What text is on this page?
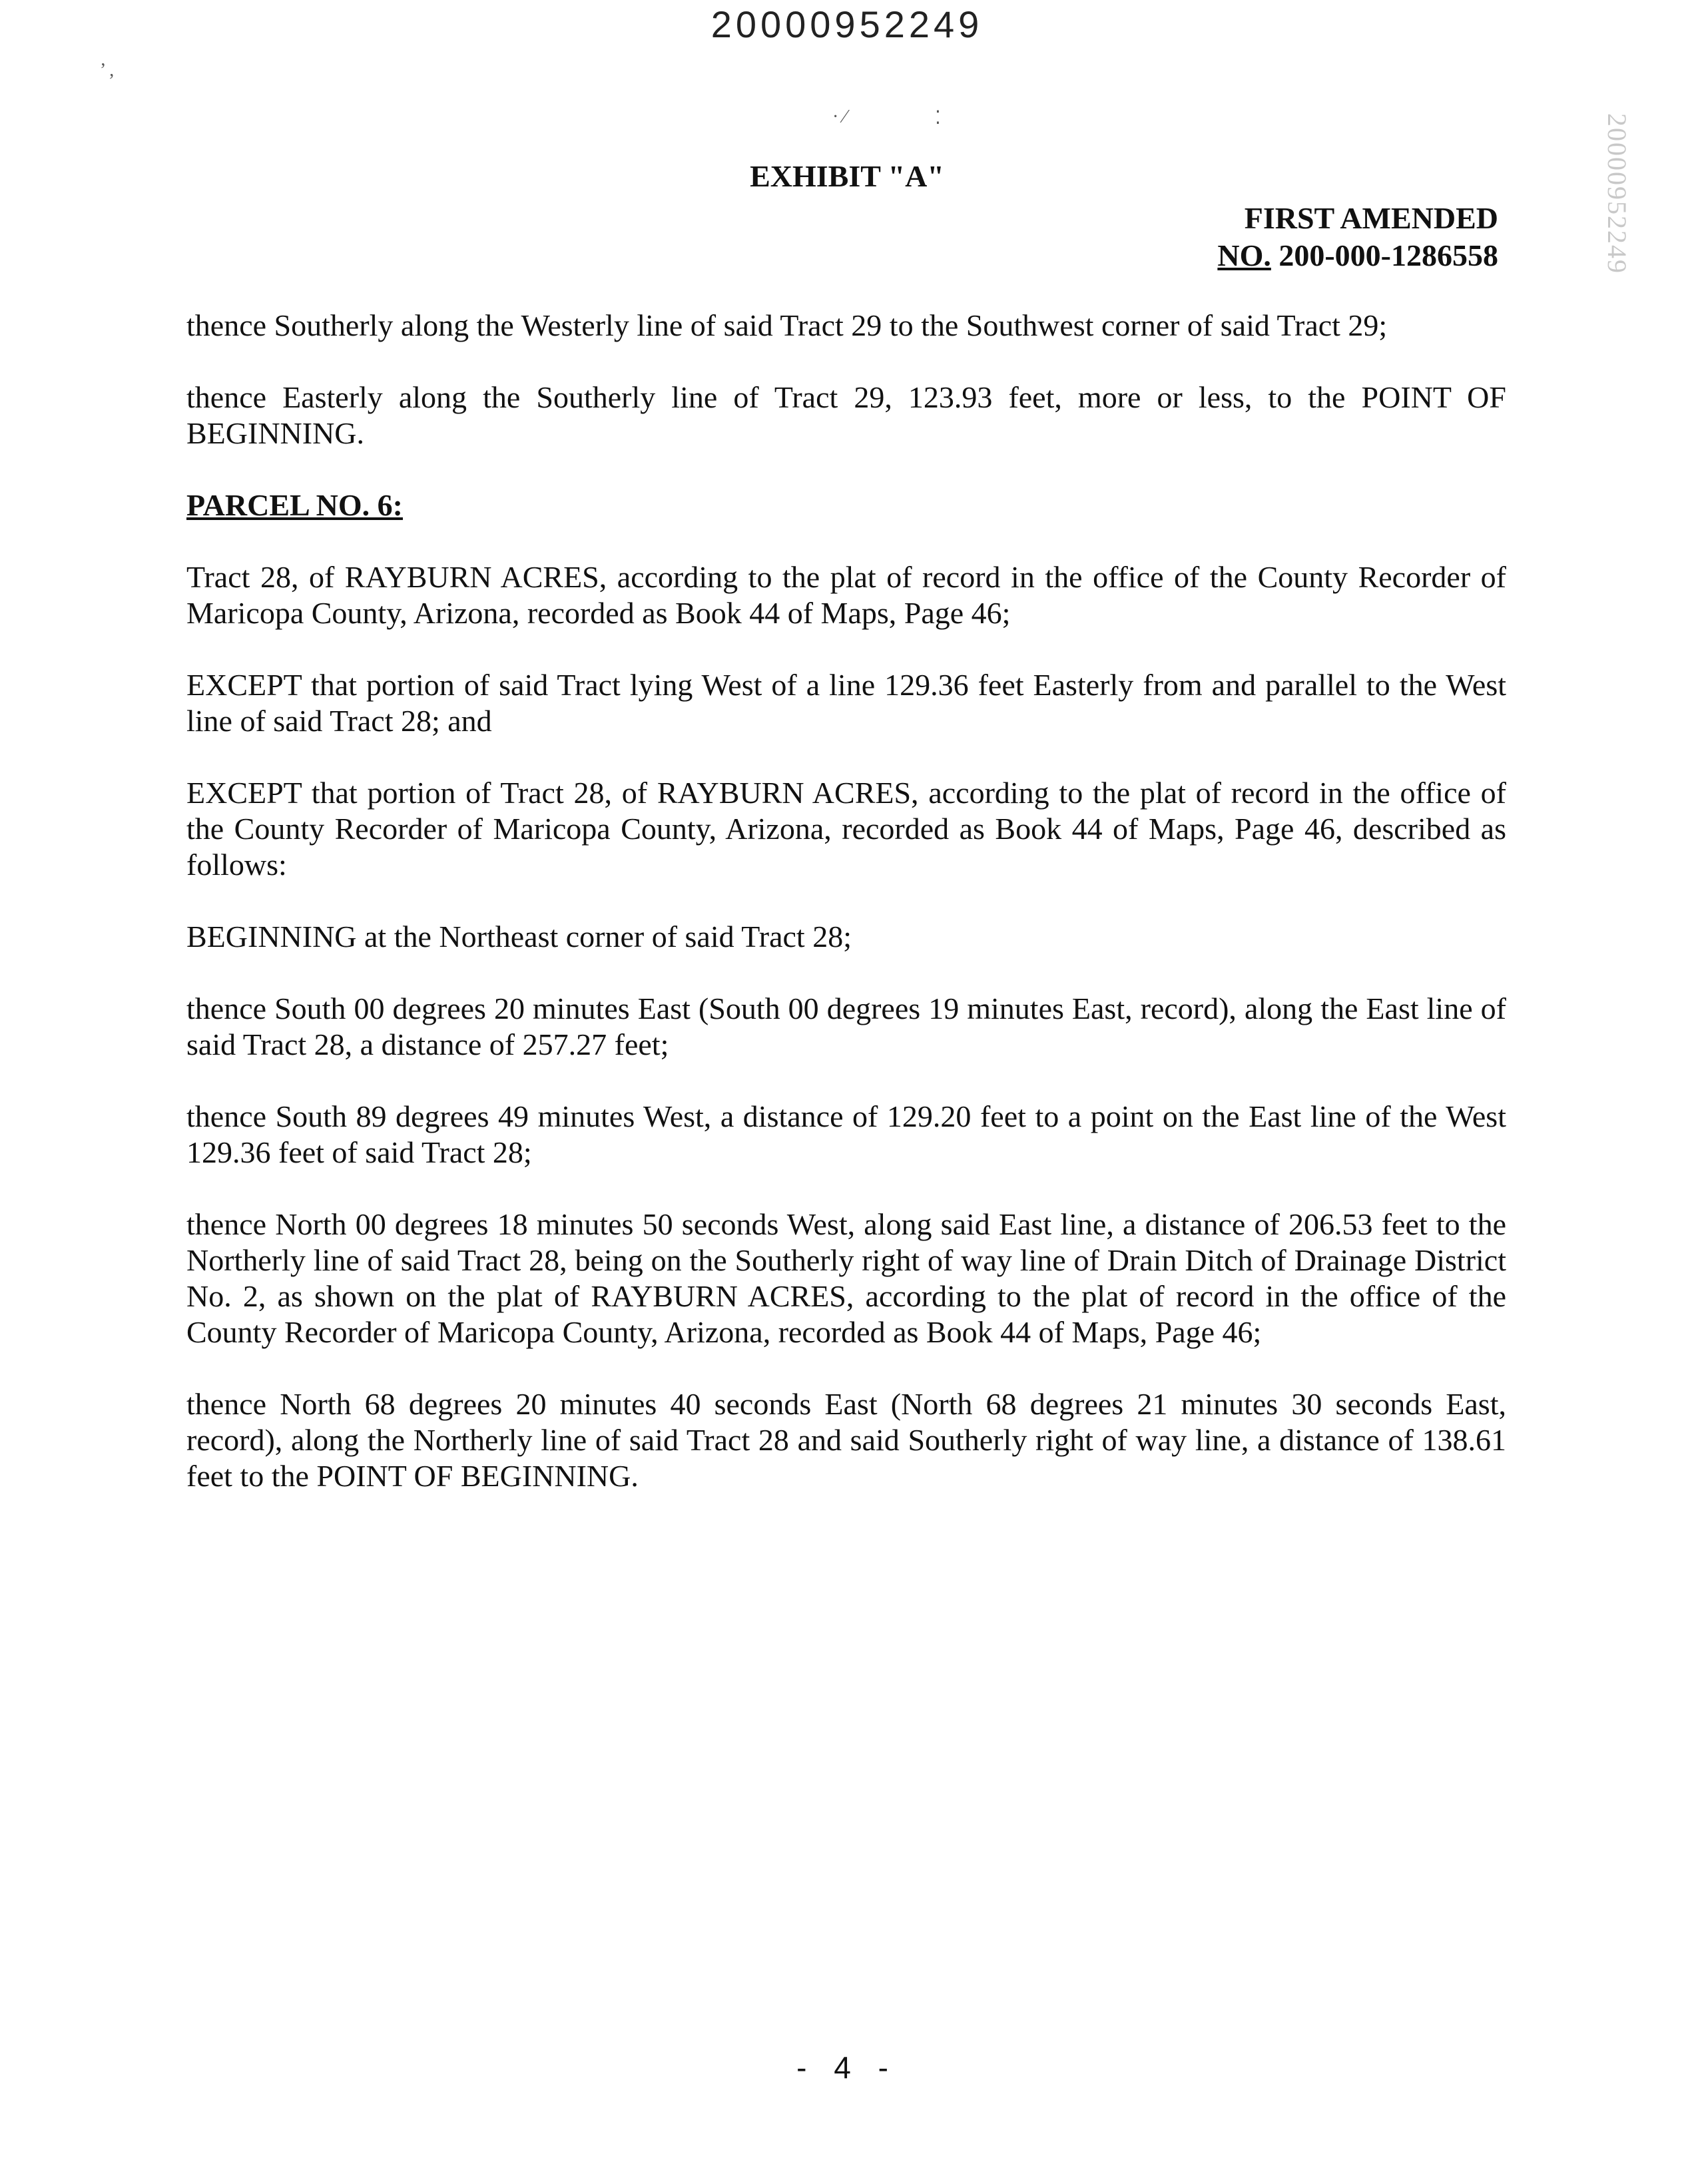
20000952249
’ ,
· ⁄	⁚
EXHIBIT "A"
FIRST AMENDED
NO. 200-000-1286558	20000952249

thence Southerly along the Westerly line of said Tract 29 to the Southwest corner of said Tract 29;

thence Easterly along the Southerly line of Tract 29, 123.93 feet, more or less, to the POINT OF BEGINNING.

PARCEL NO. 6:

Tract 28, of RAYBURN ACRES, according to the plat of record in the office of the County Recorder of Maricopa County, Arizona, recorded as Book 44 of Maps, Page 46;

EXCEPT that portion of said Tract lying West of a line 129.36 feet Easterly from and parallel to the West line of said Tract 28; and

EXCEPT that portion of Tract 28, of RAYBURN ACRES, according to the plat of record in the office of the County Recorder of Maricopa County, Arizona, recorded as Book 44 of Maps, Page 46, described as follows:

BEGINNING at the Northeast corner of said Tract 28;

thence South 00 degrees 20 minutes East (South 00 degrees 19 minutes East, record), along the East line of said Tract 28, a distance of 257.27 feet;

thence South 89 degrees 49 minutes West, a distance of 129.20 feet to a point on the East line of the West 129.36 feet of said Tract 28;

thence North 00 degrees 18 minutes 50 seconds West, along said East line, a distance of 206.53 feet to the Northerly line of said Tract 28, being on the Southerly right of way line of Drain Ditch of Drainage District No. 2, as shown on the plat of RAYBURN ACRES, according to the plat of record in the office of the County Recorder of Maricopa County, Arizona, recorded as Book 44 of Maps, Page 46;

thence North 68 degrees 20 minutes 40 seconds East (North 68 degrees 21 minutes 30 seconds East, record), along the Northerly line of said Tract 28 and said Southerly right of way line, a distance of 138.61 feet to the POINT OF BEGINNING.

- 4 -
